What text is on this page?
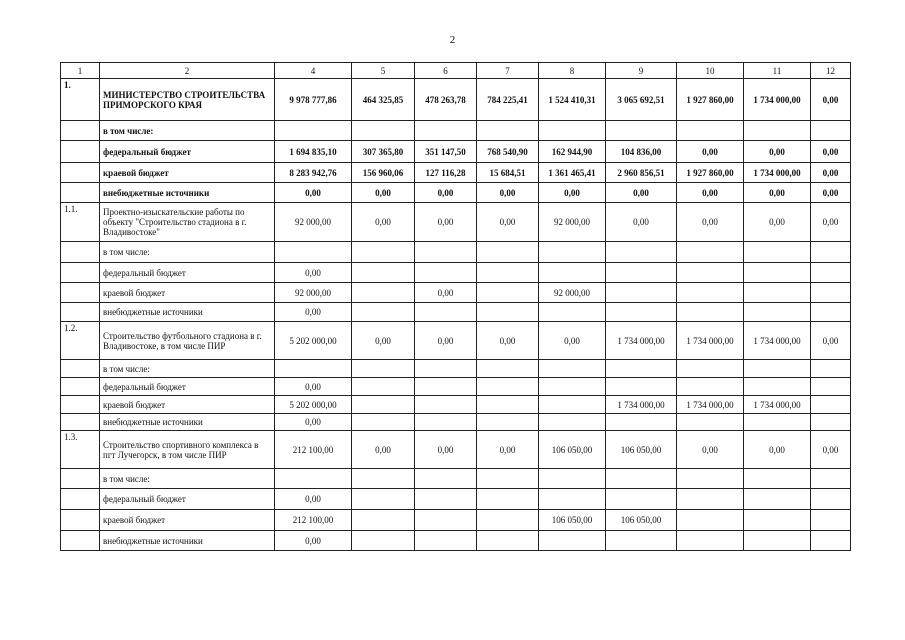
2
1	2	4	5	6	7	8	9	10	11	12
1.	МИНИСТЕРСТВО СТРОИТЕЛЬСТВА ПРИМОРСКОГО КРАЯ	9 978 777,86	464 325,85	478 263,78	784 225,41	1 524 410,31	3 065 692,51	1 927 860,00	1 734 000,00	0,00
	в том числе:									
	федеральный бюджет	1 694 835,10	307 365,80	351 147,50	768 540,90	162 944,90	104 836,00	0,00	0,00	0,00
	краевой бюджет	8 283 942,76	156 960,06	127 116,28	15 684,51	1 361 465,41	2 960 856,51	1 927 860,00	1 734 000,00	0,00
	внебюджетные источники	0,00	0,00	0,00	0,00	0,00	0,00	0,00	0,00	0,00
1.1.	Проектно-изыскательские работы по объекту "Строительство стадиона в г. Владивостоке"	92 000,00	0,00	0,00	0,00	92 000,00	0,00	0,00	0,00	0,00
	в том числе:									
	федеральный бюджет	0,00								
	краевой бюджет	92 000,00		0,00		92 000,00				
	внебюджетные источники	0,00								
1.2.	Строительство футбольного стадиона в г. Владивостоке, в том числе ПИР	5 202 000,00	0,00	0,00	0,00	0,00	1 734 000,00	1 734 000,00	1 734 000,00	0,00
	в том числе:									
	федеральный бюджет	0,00								
	краевой бюджет	5 202 000,00					1 734 000,00	1 734 000,00	1 734 000,00	
	внебюджетные источники	0,00								
1.3.	Строительство спортивного комплекса в пгт Лучегорск, в том числе ПИР	212 100,00	0,00	0,00	0,00	106 050,00	106 050,00	0,00	0,00	0,00
	в том числе:									
	федеральный бюджет	0,00								
	краевой бюджет	212 100,00				106 050,00	106 050,00			
	внебюджетные источники	0,00								
